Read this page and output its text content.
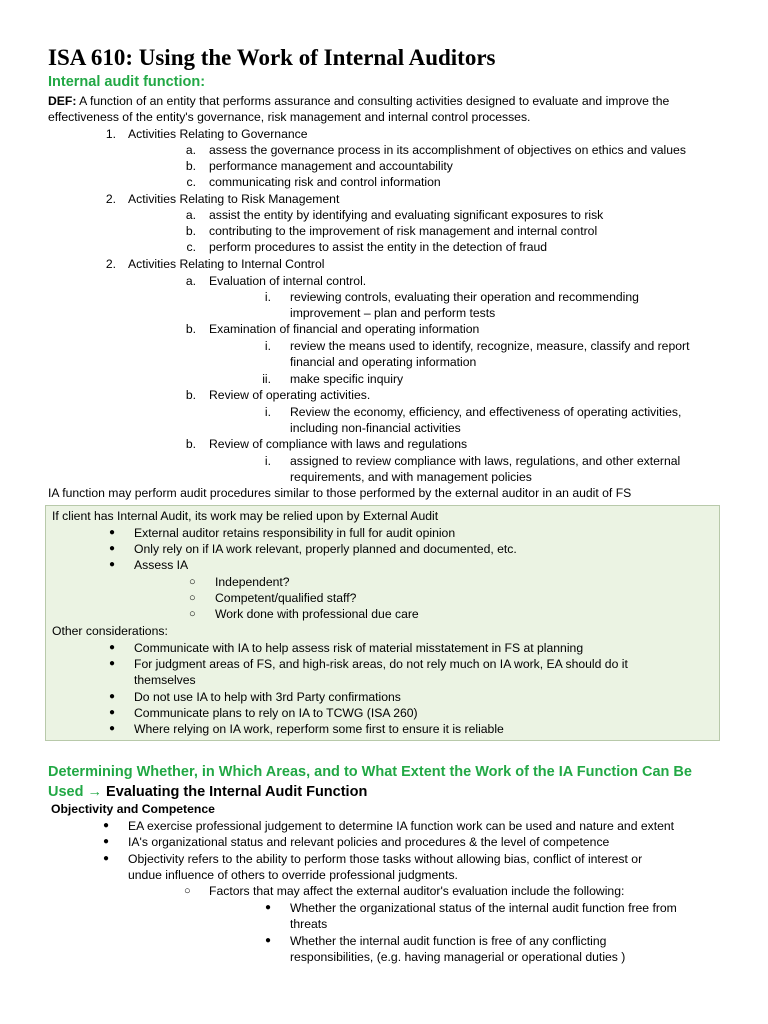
ISA 610: Using the Work of Internal Auditors
Internal audit function:
DEF: A function of an entity that performs assurance and consulting activities designed to evaluate and improve the
effectiveness of the entity's governance, risk management and internal control processes.
1. Activities Relating to Governance
a. assess the governance process in its accomplishment of objectives on ethics and values
b. performance management and accountability
c. communicating risk and control information
2. Activities Relating to Risk Management
a. assist the entity by identifying and evaluating significant exposures to risk
b. contributing to the improvement of risk management and internal control
c. perform procedures to assist the entity in the detection of fraud
2. Activities Relating to Internal Control
a. Evaluation of internal control.
i. reviewing controls, evaluating their operation and recommending
improvement – plan and perform tests
b. Examination of financial and operating information
i. review the means used to identify, recognize, measure, classify and report
financial and operating information
ii. make specific inquiry
b. Review of operating activities.
i. Review the economy, efficiency, and effectiveness of operating activities,
including non-financial activities
b. Review of compliance with laws and regulations
i. assigned to review compliance with laws, regulations, and other external
requirements, and with management policies
IA function may perform audit procedures similar to those performed by the external auditor in an audit of FS
If client has Internal Audit, its work may be relied upon by External Audit
● External auditor retains responsibility in full for audit opinion
● Only rely on if IA work relevant, properly planned and documented, etc.
● Assess IA
○ Independent?
○ Competent/qualified staff?
○ Work done with professional due care
Other considerations:
● Communicate with IA to help assess risk of material misstatement in FS at planning
● For judgment areas of FS, and high-risk areas, do not rely much on IA work, EA should do it
themselves
● Do not use IA to help with 3rd Party confirmations
● Communicate plans to rely on IA to TCWG (ISA 260)
● Where relying on IA work, reperform some first to ensure it is reliable
Determining Whether, in Which Areas, and to What Extent the Work of the IA Function Can Be Used → Evaluating the Internal Audit Function
Objectivity and Competence
● EA exercise professional judgement to determine IA function work can be used and nature and extent
● IA's organizational status and relevant policies and procedures & the level of competence
● Objectivity refers to the ability to perform those tasks without allowing bias, conflict of interest or
undue influence of others to override professional judgments.
○ Factors that may affect the external auditor's evaluation include the following:
● Whether the organizational status of the internal audit function free from
threats
● Whether the internal audit function is free of any conflicting
responsibilities, (e.g. having managerial or operational duties )
